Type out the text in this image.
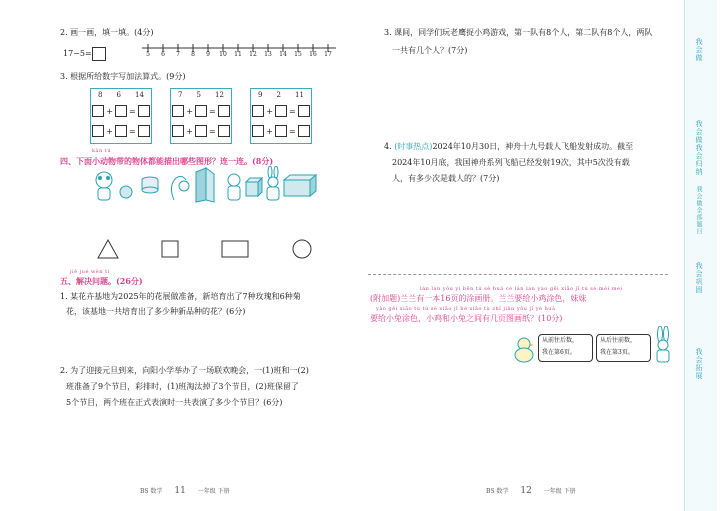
2. 画一画，填一填。(4分)
17−5=	5	6	7	8	9	10 11 12 13 14 15 16 17
3. 根据所给数字写加法算式。(9分)
8 6 14
+ =
+ =
7 5 12
+ =
+ =
9 2 11
+ =
+ =
kàn tú
四、下面小动物带的物体都能描出哪些图形？连一连。(8分)
jiě jué wèn tí
五、解决问题。(26分)
1. 某花卉基地为2025年的花展做准备，新培育出了7种玫瑰和6种菊
花，该基地一共培育出了多少种新品种的花？(6分)
2. 为了迎接元旦到来，向阳小学举办了一场联欢晚会，一(1)班和一(2)
班准备了9个节目，彩排时，(1)班淘汰掉了3个节目，(2)班保留了
5个节目，两个班在正式表演时一共表演了多少个节目？(6分)
BS 数学 11 一年级 下册
3. 课间，同学们玩老鹰捉小鸡游戏，第一队有8个人，第二队有8个人，两队
一共有几个人？(7分)
4. (时事热点)2024年10月30日，神舟十九号载人飞船发射成功。截至
2024年10月底，我国神舟系列飞船已经发射19次，其中5次没有载
人，有多少次是载人的？(7分)
lán lan yǒu yì běn tú sè huà cè lán lan yào gěi xiǎo jī tú sè mèi mei
(附加题)兰兰有一本16页的涂画册。兰兰要给小鸡涂色，妹妹
yào gěi xiǎo tù tú sè xiǎo jī hé xiǎo tù zhī jiān yǒu jǐ yè huà
要给小兔涂色，小鸡和小兔之间有几页图画纸？(10分)
从前往后数，
我在第6页。
从后往前数，
我在第3页。
BS 数学 12 一年级 下册
我会做
我会做我会归纳
我会做全部题目
我会巩固
我会拓展
